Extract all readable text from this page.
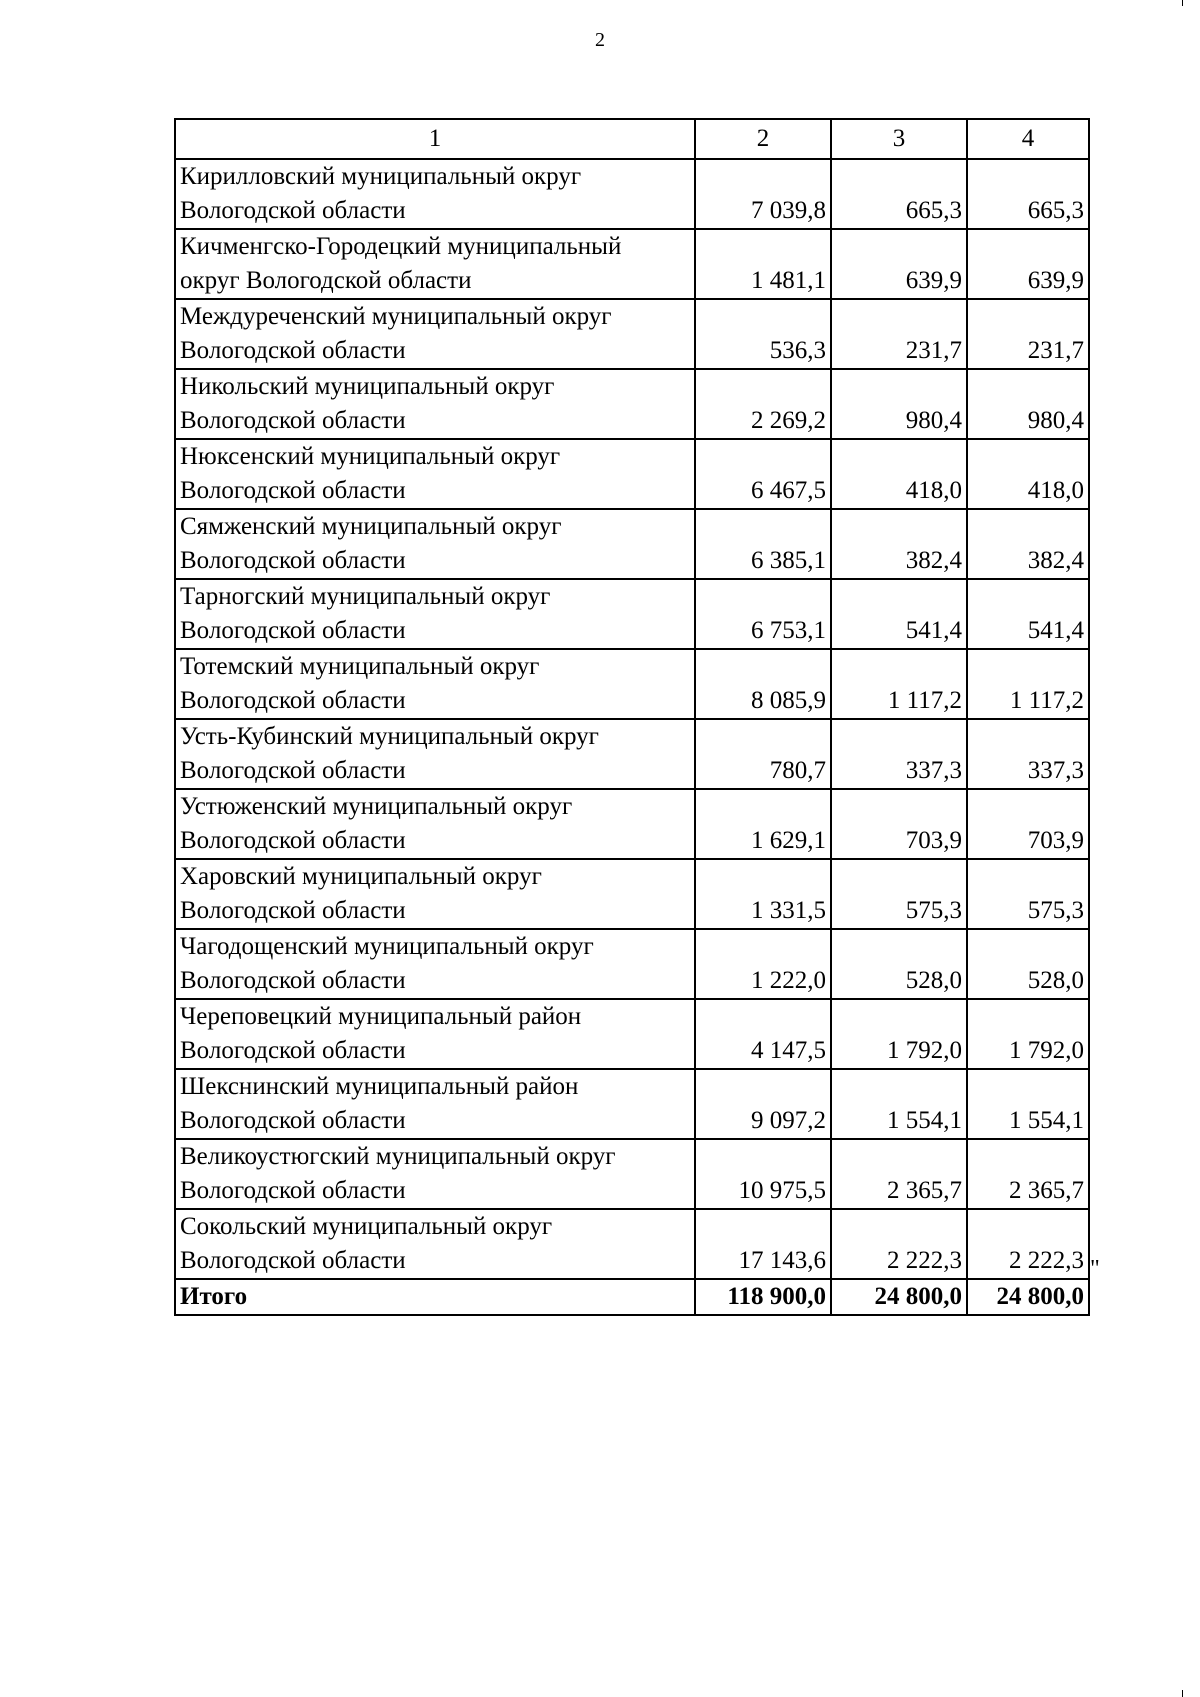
2
1	2	3	4

Кирилловский муниципальный округ
Вологодской области	7 039,8	665,3	665,3

Кичменгско-Городецкий муниципальный
округ Вологодской области	1 481,1	639,9	639,9

Междуреченский муниципальный округ
Вологодской области	536,3	231,7	231,7

Никольский муниципальный округ
Вологодской области	2 269,2	980,4	980,4

Нюксенский муниципальный округ
Вологодской области	6 467,5	418,0	418,0

Сямженский муниципальный округ
Вологодской области	6 385,1	382,4	382,4

Тарногский муниципальный округ
Вологодской области	6 753,1	541,4	541,4

Тотемский муниципальный округ
Вологодской области	8 085,9	1 117,2	1 117,2

Усть-Кубинский муниципальный округ
Вологодской области	780,7	337,3	337,3

Устюженский муниципальный округ
Вологодской области	1 629,1	703,9	703,9

Харовский муниципальный округ
Вологодской области	1 331,5	575,3	575,3

Чагодощенский муниципальный округ
Вологодской области	1 222,0	528,0	528,0

Череповецкий муниципальный район
Вологодской области	4 147,5	1 792,0	1 792,0

Шекснинский муниципальный район
Вологодской области	9 097,2	1 554,1	1 554,1

Великоустюгский муниципальный округ
Вологодской области	10 975,5	2 365,7	2 365,7

Сокольский муниципальный округ
Вологодской области	17 143,6	2 222,3	2 222,3
Итого	118 900,0	24 800,0	24 800,0
"
